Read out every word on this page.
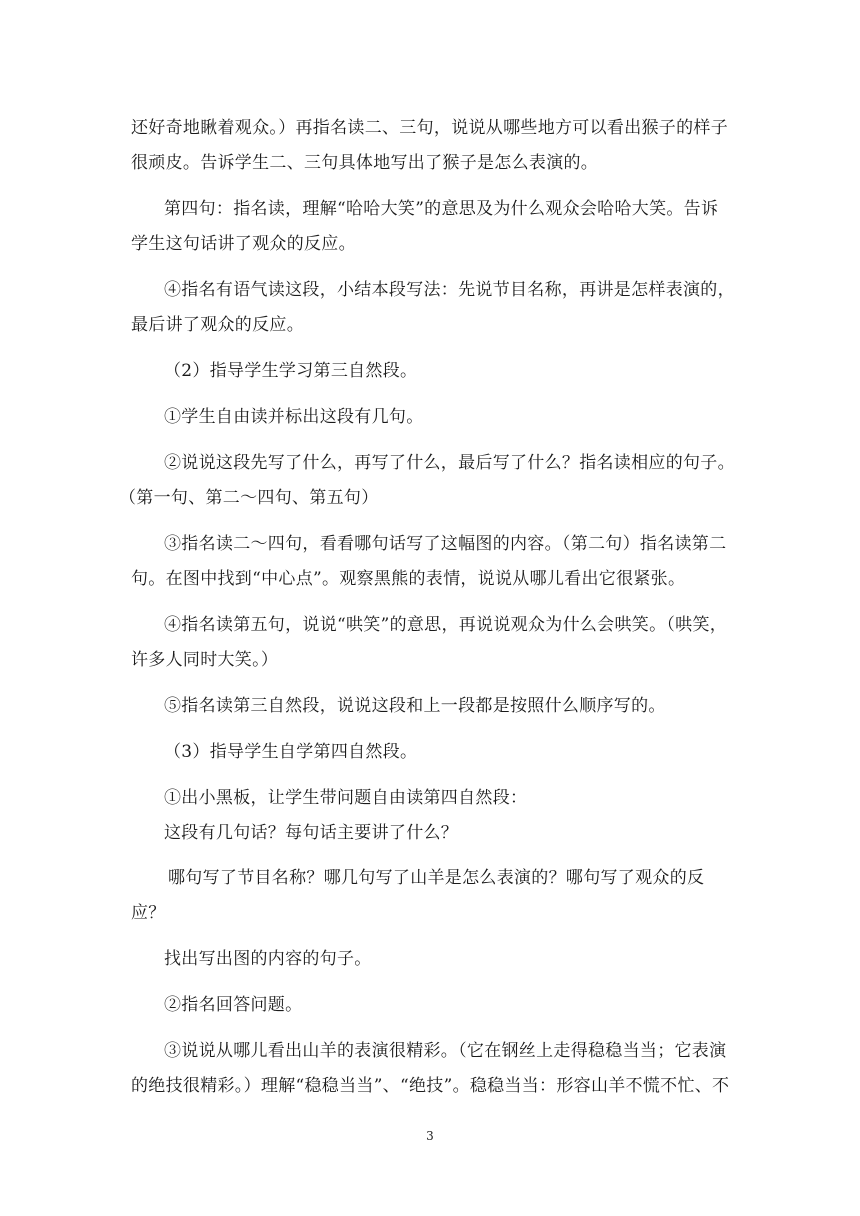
还好奇地瞅着观众。）再指名读二、三句，说说从哪些地方可以看出猴子的样子
很顽皮。告诉学生二、三句具体地写出了猴子是怎么表演的。
第四句：指名读，理解“哈哈大笑”的意思及为什么观众会哈哈大笑。告诉
学生这句话讲了观众的反应。
④指名有语气读这段，小结本段写法：先说节目名称，再讲是怎样表演的，
最后讲了观众的反应。
（2）指导学生学习第三自然段。
①学生自由读并标出这段有几句。
②说说这段先写了什么，再写了什么，最后写了什么？指名读相应的句子。
（第一句、第二～四句、第五句）
③指名读二～四句，看看哪句话写了这幅图的内容。（第二句）指名读第二
句。在图中找到“中心点”。观察黑熊的表情，说说从哪儿看出它很紧张。
④指名读第五句，说说“哄笑”的意思，再说说观众为什么会哄笑。（哄笑，
许多人同时大笑。）
⑤指名读第三自然段，说说这段和上一段都是按照什么顺序写的。
（3）指导学生自学第四自然段。
①出小黑板，让学生带问题自由读第四自然段：
这段有几句话？每句话主要讲了什么？
哪句写了节目名称？哪几句写了山羊是怎么表演的？哪句写了观众的反
应？
找出写出图的内容的句子。
②指名回答问题。
③说说从哪儿看出山羊的表演很精彩。（它在钢丝上走得稳稳当当；它表演
的绝技很精彩。）理解“稳稳当当”、“绝技”。稳稳当当：形容山羊不慌不忙、不
3
